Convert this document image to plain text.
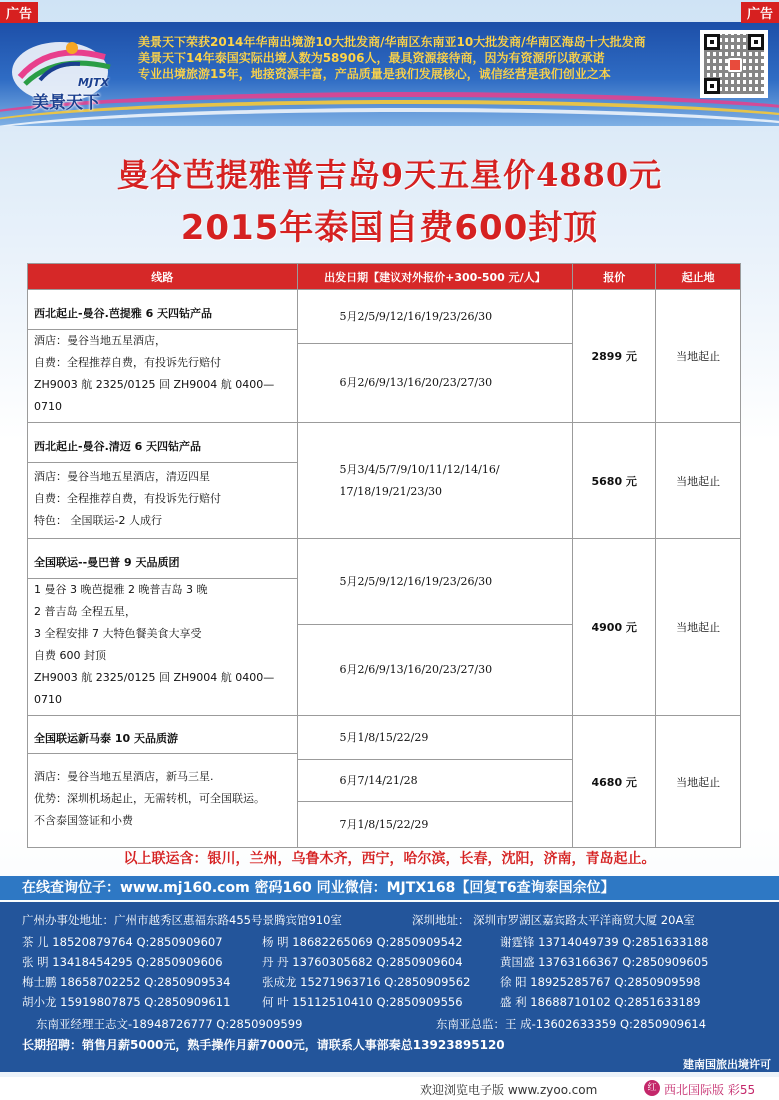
广告	广告
MJTX
美景天下
美景天下荣获2014年华南出境游10大批发商/华南区东南亚10大批发商/华南区海岛十大批发商
美景天下14年泰国实际出境人数为58906人，最具资源接待商，因为有资源所以敢承诺
专业出境旅游15年，地接资源丰富，产品质量是我们发展核心，诚信经营是我们创业之本
曼谷芭提雅普吉岛9天五星价4880元
2015年泰国自费600封顶
线路	出发日期【建议对外报价+300-500 元/人】	报价	起止地
西北起止-曼谷.芭提雅 6 天四钻产品	5月2/5/9/12/16/19/23/26/30	2899 元	当地起止

酒店：曼谷当地五星酒店，
自费：全程推荐自费，有投诉先行赔付
ZH9003 航 2325/0125 回 ZH9004 航 0400—0710			

	6月2/6/9/13/16/20/23/27/30		

西北起止-曼谷.清迈 6 天四钻产品	5月3/4/5/7/9/10/11/12/14/16/
17/18/19/21/23/30	5680 元	当地起止

酒店：曼谷当地五星酒店，清迈四星
自费：全程推荐自费，有投诉先行赔付
特色： 全国联运-2 人成行			

全国联运--曼巴普 9 天品质团	5月2/5/9/12/16/19/23/26/30	4900 元	当地起止

1 曼谷 3 晚芭提雅 2 晚普吉岛 3 晚
2 普吉岛 全程五星，
3 全程安排 7 大特色餐美食大享受
自费 600 封顶
ZH9003 航 2325/0125 回 ZH9004 航 0400—0710			

	6月2/6/9/13/16/20/23/27/30		

全国联运新马泰 10 天品质游	5月1/8/15/22/29	4680 元	当地起止

酒店：曼谷当地五星酒店，新马三星.
优势：深圳机场起止，无需转机，可全国联运。
不含泰国签证和小费			

	6月7/14/21/28		
	7月1/8/15/22/29		

以上联运含：银川，兰州，乌鲁木齐，西宁，哈尔滨，长春，沈阳，济南，青岛起止。
在线查询位子：www.mj160.com 密码160 同业微信：MJTX168【回复T6查询泰国余位】
广州办事处地址：广州市越秀区惠福东路455号景腾宾馆910室	深圳地址： 深圳市罗湖区嘉宾路太平洋商贸大厦 20A室
茶 儿 18520879764 Q:2850909607	杨 明 18682265069 Q:2850909542	谢霆锋 13714049739 Q:2851633188
张 明 13418454295 Q:2850909606	丹 丹 13760305682 Q:2850909604	黄国盛 13763166367 Q:2850909605
梅士鹏 18658702252 Q:2850909534	张成龙 15271963716 Q:2850909562	徐 阳 18925285767 Q:2850909598
胡小龙 15919807875 Q:2850909611	何 叶 15112510410 Q:2850909556	盛 利 18688710102 Q:2851633189
东南亚经理王志文-18948726777 Q:2850909599	东南亚总监：王 成-13602633359 Q:2850909614
长期招聘：销售月薪5000元，熟手操作月薪7000元，请联系人事部秦总13923895120
建南国旅出境许可
欢迎浏览电子版 www.zyoo.com	红 西北国际版 彩55
